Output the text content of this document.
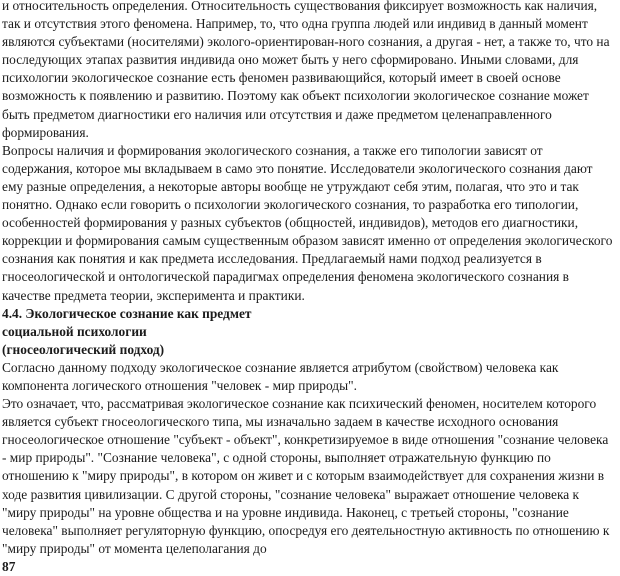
и относительность определения. Относительность существования фиксирует возможность как наличия, так и отсутствия этого феномена. Например, то, что одна группа людей или индивид в данный момент являются субъектами (носителями) эколого-ориентирован-ного сознания, а другая - нет, а также то, что на последующих этапах развития индивида оно может быть у него сформировано. Иными словами, для психологии экологическое сознание есть феномен развивающийся, который имеет в своей основе возможность к появлению и развитию. Поэтому как объект психологии экологическое сознание может быть предметом диагностики его наличия или отсутствия и даже предметом целенаправленного формирования.

Вопросы наличия и формирования экологического сознания, а также его типологии зависят от содержания, которое мы вкладываем в само это понятие. Исследователи экологического сознания дают ему разные определения, а некоторые авторы вообще не утруждают себя этим, полагая, что это и так понятно. Однако если говорить о психологии экологического сознания, то разработка его типологии, особенностей формирования у разных субъектов (общностей, индивидов), методов его диагностики, коррекции и формирования самым существенным образом зависят именно от определения экологического сознания как понятия и как предмета исследования. Предлагаемый нами подход реализуется в гносеологической и онтологической парадигмах определения феномена экологического сознания в качестве предмета теории, эксперимента и практики.

4.4. Экологическое сознание как предмет
социальной психологии
(гносеологический подход)

Согласно данному подходу экологическое сознание является атрибутом (свойством) человека как компонента логического отношения "человек - мир природы".

Это означает, что, рассматривая экологическое сознание как психический феномен, носителем которого является субъект гносеологического типа, мы изначально задаем в качестве исходного основания гносеологическое отношение "субъект - объект", конкретизируемое в виде отношения "сознание человека - мир природы". "Сознание человека", с одной стороны, выполняет отражательную функцию по отношению к "миру природы", в котором он живет и с которым взаимодействует для сохранения жизни в ходе развития цивилизации. С другой стороны, "сознание человека" выражает отношение человека к "миру природы" на уровне общества и на уровне индивида. Наконец, с третьей стороны, "сознание человека" выполняет регуляторную функцию, опосредуя его деятельностную активность по отношению к "миру природы" от момента целеполагания до

87
